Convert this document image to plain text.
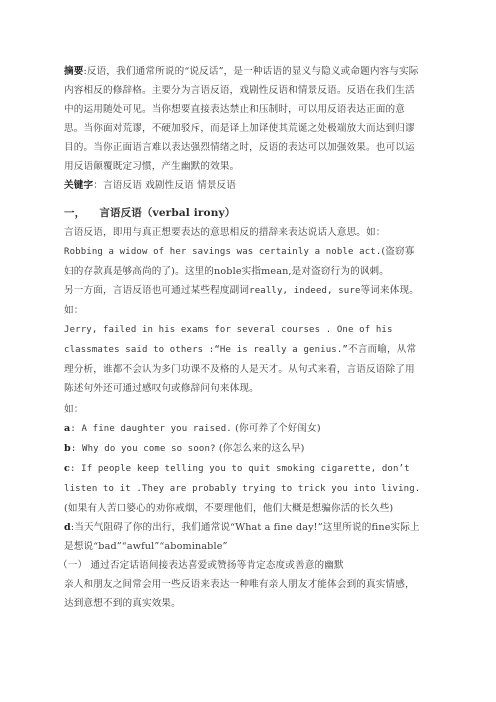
摘要:反语，我们通常所说的“说反话”，是一种话语的显义与隐义或命题内容与实际内容相反的修辞格。主要分为言语反语，戏剧性反语和情景反语。反语在我们生活中的运用随处可见。当你想要直接表达禁止和压制时，可以用反语表达正面的意思。当你面对荒谬，不硬加驳斥，而是译上加译使其荒诞之处极端放大而达到归谬目的。当你正面语言难以表达强烈情绪之时，反语的表达可以加强效果。也可以运用反语颠覆既定习惯，产生幽默的效果。

关键字：言语反语 戏剧性反语 情景反语

一， 言语反语（verbal irony）

言语反语，即用与真正想要表达的意思相反的措辞来表达说话人意思。如：Robbing a widow of her savings was certainly a noble act.(盗窃寡妇的存款真是够高尚的了)。这里的noble实指mean,是对盗窃行为的讽刺。

另一方面，言语反语也可通过某些程度副词really, indeed, sure等词来体现。如：

Jerry, failed in his exams for several courses . One of his classmates said to others :“He is really a genius.”不言而喻，从常理分析，谁都不会认为多门功课不及格的人是天才。从句式来看，言语反语除了用陈述句外还可通过感叹句或修辞问句来体现。

如：

a: A fine daughter you raised. (你可养了个好闺女)

b: Why do you come so soon? (你怎么来的这么早)

c: If people keep telling you to quit smoking cigarette, don’t listen to it .They are probably trying to trick you into living.(如果有人苦口婆心的劝你戒烟，不要理他们，他们大概是想骗你活的长久些)

d:当天气阻碍了你的出行，我们通常说“What a fine day!”这里所说的fine实际上是想说“bad”“awful”“abominable”

（一） 通过否定话语间接表达喜爱或赞扬等肯定态度或善意的幽默

亲人和朋友之间常会用一些反语来表达一种唯有亲人朋友才能体会到的真实情感，达到意想不到的真实效果。
